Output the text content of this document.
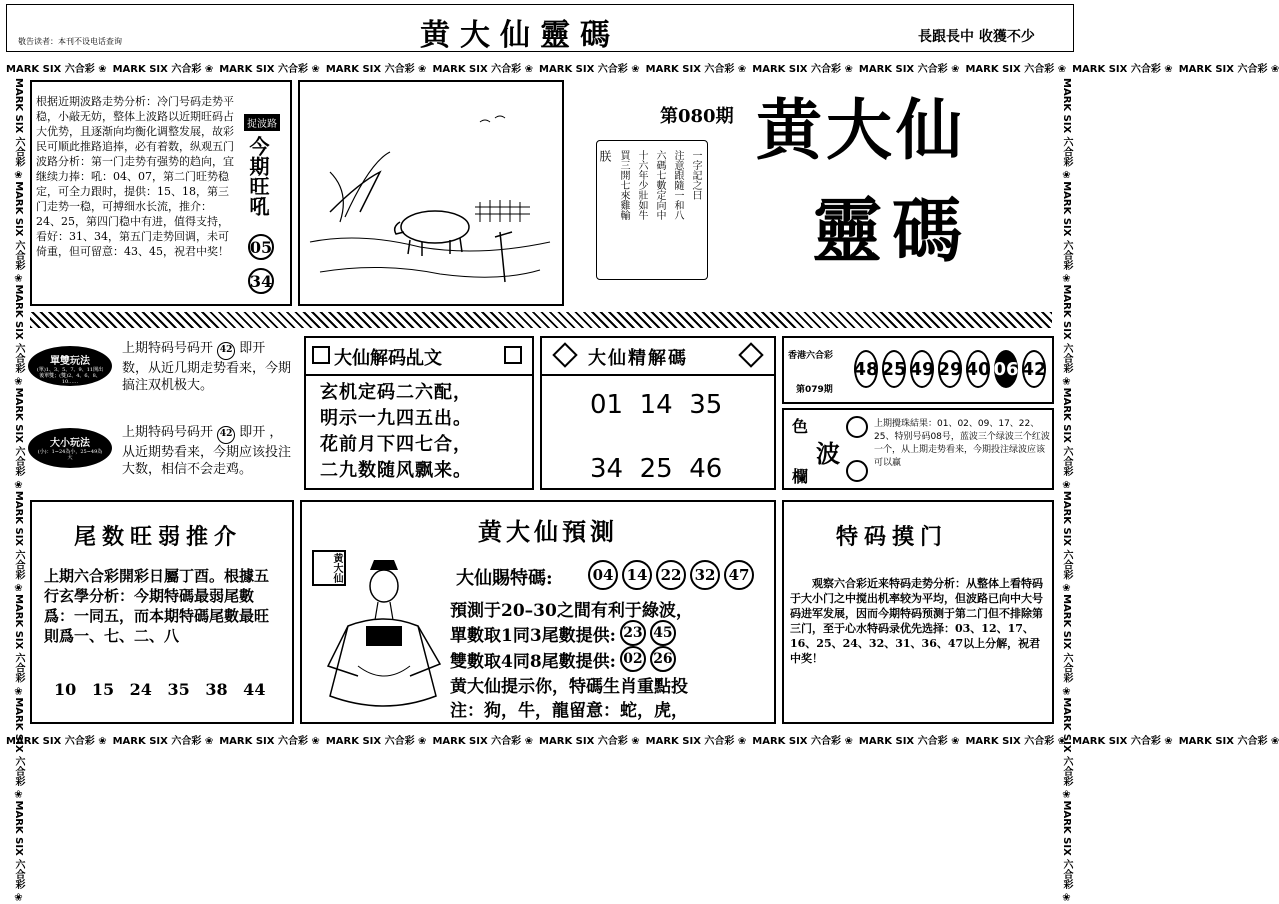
敬告读者：本刊不设电话查询	黄大仙靈碼	長跟長中 收獲不少
MARK SIX 六合彩 ❀ MARK SIX 六合彩 ❀ MARK SIX 六合彩 ❀ MARK SIX 六合彩 ❀ MARK SIX 六合彩 ❀ MARK SIX 六合彩 ❀ MARK SIX 六合彩 ❀ MARK SIX 六合彩 ❀ MARK SIX 六合彩 ❀ MARK SIX 六合彩 ❀ MARK SIX 六合彩 ❀ MARK SIX 六合彩 ❀
MARK SIX 六合彩 ❀ MARK SIX 六合彩 ❀ MARK SIX 六合彩 ❀ MARK SIX 六合彩 ❀ MARK SIX 六合彩 ❀ MARK SIX 六合彩 ❀ MARK SIX 六合彩 ❀ MARK SIX 六合彩 ❀ MARK SIX 六合彩 ❀ MARK SIX 六合彩 ❀ MARK SIX 六合彩 ❀ MARK SIX 六合彩 ❀
MARK SIX 六合彩 ❀MARK SIX 六合彩 ❀MARK SIX 六合彩 ❀MARK SIX 六合彩 ❀MARK SIX 六合彩 ❀MARK SIX 六合彩 ❀MARK SIX 六合彩 ❀MARK SIX 六合彩 ❀
MARK SIX 六合彩 ❀MARK SIX 六合彩 ❀MARK SIX 六合彩 ❀MARK SIX 六合彩 ❀MARK SIX 六合彩 ❀MARK SIX 六合彩 ❀MARK SIX 六合彩 ❀MARK SIX 六合彩 ❀
根据近期波路走势分析：冷门号码走势平稳，小敲无妨，整体上波路以近期旺码占大优势，且逐渐向均衡化调整发展，故彩民可顺此推路追捧，必有着数，纵观五门波路分析：第一门走势有强势的趋向，宜继续力捧：吼：04、07，第二门旺势稳定，可全力跟时，提供：15、18，第三门走势一稳，可搏细水长流，推介：24、25，第四门稳中有进，值得支持，看好：31、34，第五门走势回调，未可倚重，但可留意：43、45，祝君中奖！
捉波路
今期旺吼
05
34
一字記之曰
注意跟隨一和八
六碼七數定向中
十六年少壯如牛
買三開七來雞輸
朕
第080期 黄大仙
靈碼
單雙玩法
(單)1、3、5、7、9、11開出後單雙；(雙)2、4、6、8、10……
上期特码号码开 42 即开 数，从近几期走势看来，今期搞注双机极大。
大小玩法
(小)：1~24為小，25~49為大
上期特码号码开 42 即开 ，从近期势看来，今期应该投注大数，相信不会走鸡。
大仙解码乩文
玄机定码二六配，
明示一九四五出。
花前月下四七合，
二九数随风飘来。
大仙精解碼
01  14  35
34  25  46
香港六合彩
第079期
48 25 49 29 40 06 42
色
波
欄
上期攪珠結果：01、02、09、17、22、25、特别号码08号，蓝波三个绿波三个红波一个，从上期走势看来，今期投注绿波应该可以赢
尾数旺弱推介
上期六合彩開彩日屬丁酉。根據五行玄學分析：今期特碼最弱尾數爲：一同五，而本期特碼尾數最旺則爲一、七、二、八
10 15 24 35 38 44
黄大仙預測
黄大仙	大仙賜特碼:	04 14 22 32 47
預測于20–30之間有利于綠波，
單數取1同3尾數提供: 23 45
雙數取4同8尾數提供: 02 26
黄大仙提示你，特碼生肖重點投
注：狗，牛，龍留意：蛇，虎，
特码摸门
观察六合彩近来特码走势分析：从整体上看特码于大小门之中搅出机率较为平均，但波路已向中大号码进军发展，因而今期特码预测于第二门但不排除第三门，至于心水特码录优先选择：03、12、17、16、25、24、32、31、36、47以上分解，祝君中奖！
